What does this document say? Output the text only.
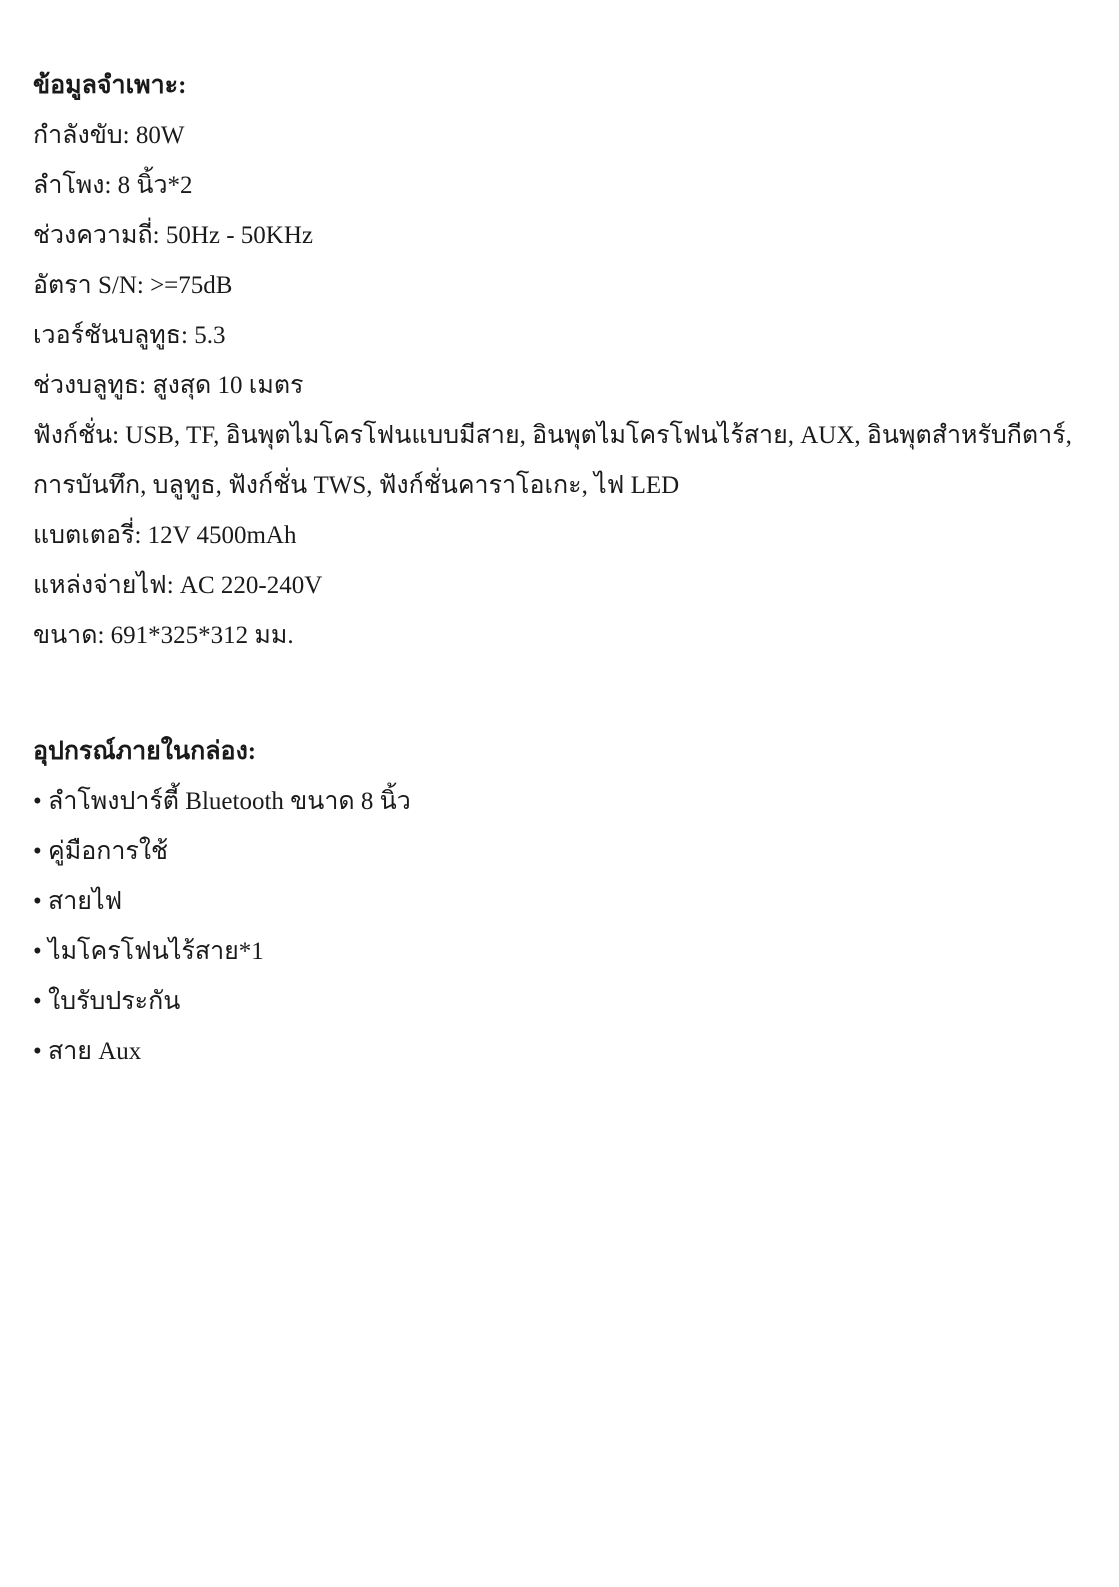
ข้อมูลจำเพาะ:
กำลังขับ: 80W
ลำโพง: 8 นิ้ว*2
ช่วงความถี่: 50Hz - 50KHz
อัตรา S/N: >=75dB
เวอร์ชันบลูทูธ: 5.3
ช่วงบลูทูธ: สูงสุด 10 เมตร
ฟังก์ชั่น: USB, TF, อินพุตไมโครโฟนแบบมีสาย, อินพุตไมโครโฟนไร้สาย, AUX, อินพุตสำหรับกีตาร์,
การบันทึก, บลูทูธ, ฟังก์ชั่น TWS, ฟังก์ชั่นคาราโอเกะ, ไฟ LED
แบตเตอรี่: 12V 4500mAh
แหล่งจ่ายไฟ: AC 220-240V
ขนาด: 691*325*312 มม.
อุปกรณ์ภายในกล่อง:
• ลำโพงปาร์ตี้ Bluetooth ขนาด 8 นิ้ว
• คู่มือการใช้
• สายไฟ
• ไมโครโฟนไร้สาย*1
• ใบรับประกัน
• สาย Aux
